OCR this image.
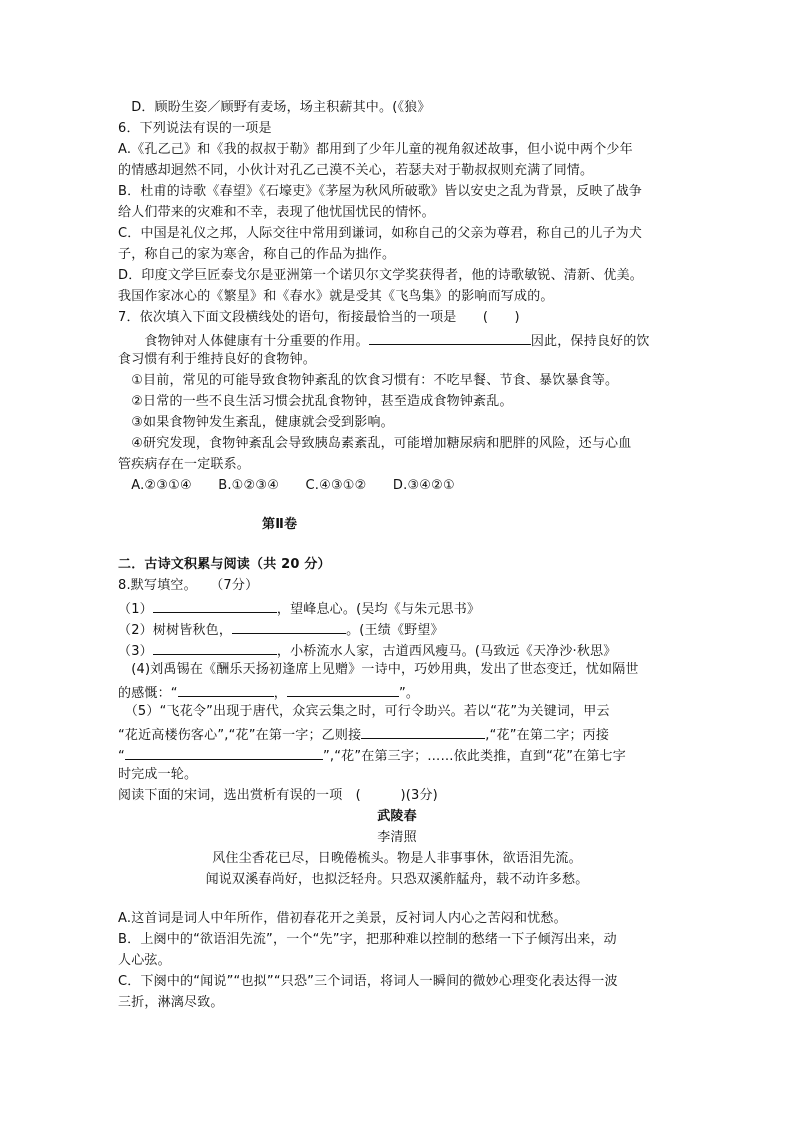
　D．顾盼生姿／顾野有麦场，场主积薪其中。(《狼》
6．下列说法有误的一项是
A.《孔乙己》和《我的叔叔于勒》都用到了少年儿童的视角叙述故事，但小说中两个少年
的情感却迥然不同，小伙计对孔乙己漠不关心，若瑟夫对于勒叔叔则充满了同情。
B．杜甫的诗歌《春望》《石壕吏》《茅屋为秋风所破歌》皆以安史之乱为背景，反映了战争
给人们带来的灾难和不幸，表现了他忧国忧民的情怀。
C．中国是礼仪之邦，人际交往中常用到谦词，如称自己的父亲为尊君，称自己的儿子为犬
子，称自己的家为寒舍，称自己的作品为拙作。
D．印度文学巨匠泰戈尔是亚洲第一个诺贝尔文学奖获得者，他的诗歌敏锐、清新、优美。
我国作家冰心的《繁星》和《春水》就是受其《飞鸟集》的影响而写成的。
7．依次填入下面文段横线处的语句，衔接最恰当的一项是　　(　　)
　　食物钟对人体健康有十分重要的作用。	因此，保持良好的饮
食习惯有利于维持良好的食物钟。
　①目前，常见的可能导致食物钟紊乱的饮食习惯有：不吃早餐、节食、暴饮暴食等。
　②日常的一些不良生活习惯会扰乱食物钟，甚至造成食物钟紊乱。
　③如果食物钟发生紊乱，健康就会受到影响。
　④研究发现，食物钟紊乱会导致胰岛素紊乱，可能增加糖尿病和肥胖的风险，还与心血
管疾病存在一定联系。
　A.②③①④　　B.①②③④　　C.④③①②　　D.③④②①
第Ⅱ卷
二．古诗文积累与阅读（共 20 分）
8.默写填空。　　（7分）
（1）	，望峰息心。(吴均《与朱元思书》
（2）树树皆秋色，	。(王绩《野望》
（3）	，小桥流水人家，古道西风瘦马。(马致远《天净沙·秋思》
　(4)刘禹锡在《酬乐天扬初逢席上见赠》一诗中，巧妙用典，发出了世态变迁，忧如隔世
的感慨：“	，	”。
　（5）“飞花令”出现于唐代，众宾云集之时，可行令助兴。若以“花”为关键词，甲云
“花近高楼伤客心”,“花”在第一字；乙则接	,“花”在第二字；丙接
“	”,“花”在第三字；……依此类推，直到“花”在第七字
时完成一轮。
阅读下面的宋词，选出赏析有误的一项　(　　　)(3分)
武陵春
李清照
风住尘香花已尽，日晚倦梳头。物是人非事事休，欲语泪先流。
闻说双溪春尚好，也拟泛轻舟。只恐双溪舴艋舟，载不动许多愁。
A.这首词是词人中年所作，借初春花开之美景，反衬词人内心之苦闷和忧愁。
B．上阕中的“欲语泪先流”，一个“先”字，把那种难以控制的愁绪一下子倾泻出来，动
人心弦。
C．下阕中的“闻说”“也拟”“只恐”三个词语，将词人一瞬间的微妙心理变化表达得一波
三折，淋漓尽致。
